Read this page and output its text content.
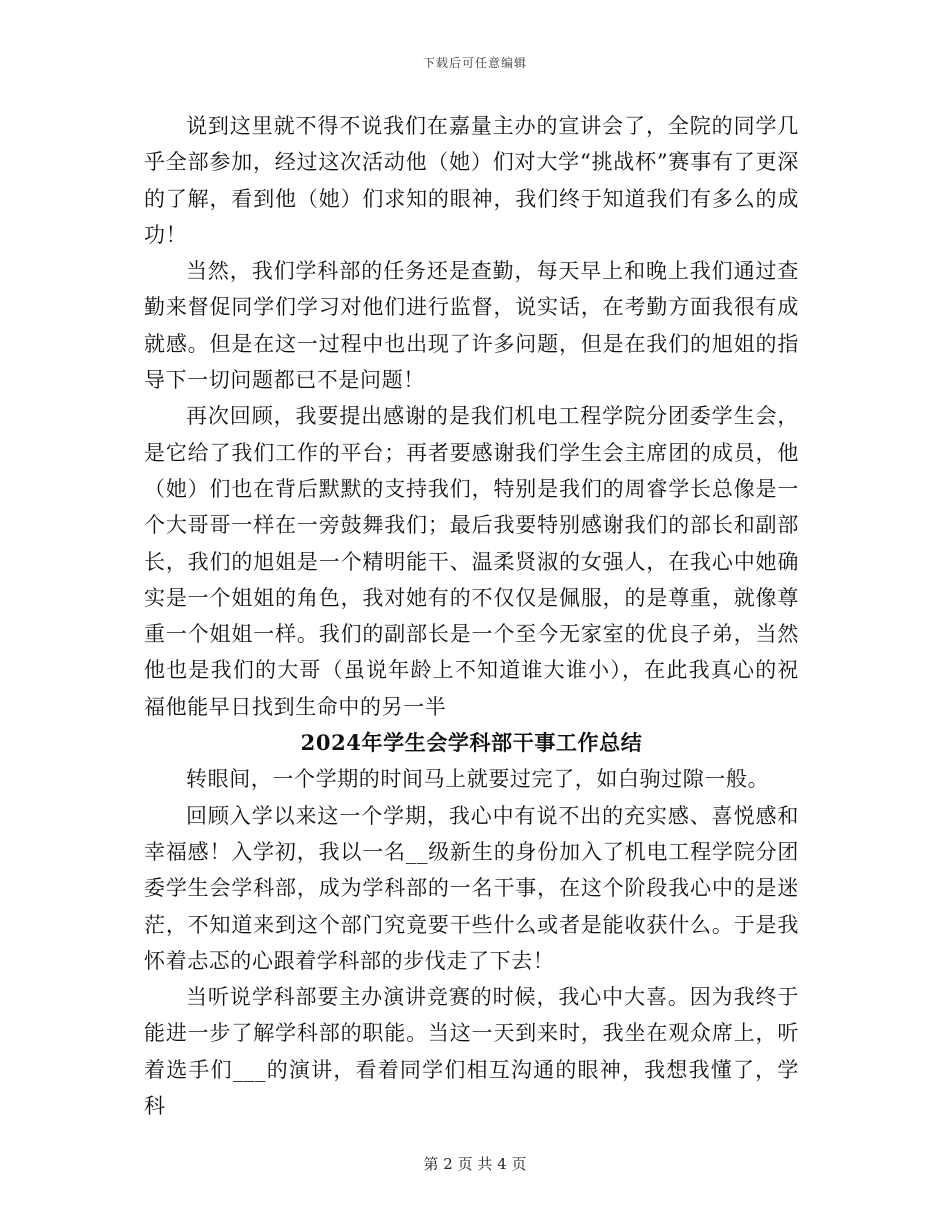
下载后可任意编辑

说到这里就不得不说我们在嘉量主办的宣讲会了，全院的同学几乎全部参加，经过这次活动他（她）们对大学“挑战杯”赛事有了更深的了解，看到他（她）们求知的眼神，我们终于知道我们有多么的成功！

当然，我们学科部的任务还是查勤，每天早上和晚上我们通过查勤来督促同学们学习对他们进行监督，说实话，在考勤方面我很有成就感。但是在这一过程中也出现了许多问题，但是在我们的旭姐的指导下一切问题都已不是问题！

再次回顾，我要提出感谢的是我们机电工程学院分团委学生会，是它给了我们工作的平台；再者要感谢我们学生会主席团的成员，他（她）们也在背后默默的支持我们，特别是我们的周睿学长总像是一个大哥哥一样在一旁鼓舞我们；最后我要特别感谢我们的部长和副部长，我们的旭姐是一个精明能干、温柔贤淑的女强人，在我心中她确实是一个姐姐的角色，我对她有的不仅仅是佩服，的是尊重，就像尊重一个姐姐一样。我们的副部长是一个至今无家室的优良子弟，当然他也是我们的大哥（虽说年龄上不知道谁大谁小），在此我真心的祝福他能早日找到生命中的另一半

2024年学生会学科部干事工作总结

转眼间，一个学期的时间马上就要过完了，如白驹过隙一般。

回顾入学以来这一个学期，我心中有说不出的充实感、喜悦感和幸福感！入学初，我以一名__级新生的身份加入了机电工程学院分团委学生会学科部，成为学科部的一名干事，在这个阶段我心中的是迷茫，不知道来到这个部门究竟要干些什么或者是能收获什么。于是我怀着忐忑的心跟着学科部的步伐走了下去！

当听说学科部要主办演讲竞赛的时候，我心中大喜。因为我终于能进一步了解学科部的职能。当这一天到来时，我坐在观众席上，听着选手们___的演讲，看着同学们相互沟通的眼神，我想我懂了，学科

第 2 页 共 4 页
